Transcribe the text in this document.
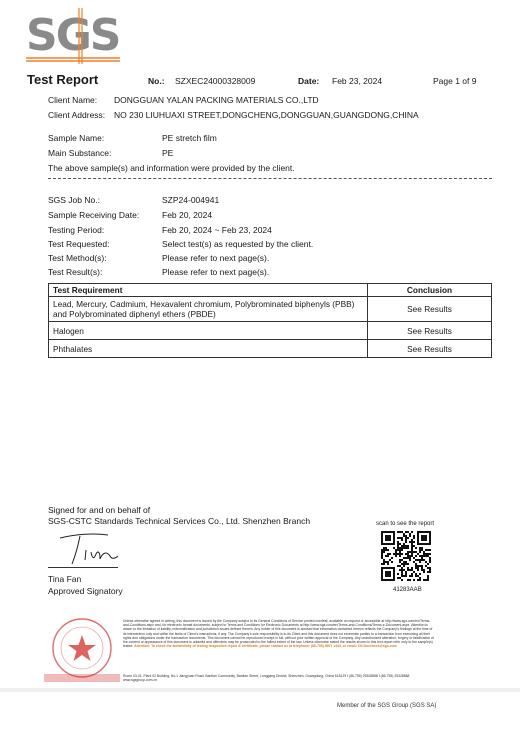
SGS
Test Report	No.: SZXEC24000328009	Date: Feb 23, 2024	Page 1 of 9
Client Name: DONGGUAN YALAN PACKING MATERIALS CO.,LTD
Client Address: NO 230 LIUHUAXI STREET,DONGCHENG,DONGGUAN,GUANGDONG,CHINA
Sample Name:	PE stretch film
Main Substance:	PE
The above sample(s) and information were provided by the client.
SGS Job No.:	SZP24-004941
Sample Receiving Date:	Feb 20, 2024
Testing Period:	Feb 20, 2024 ~ Feb 23, 2024
Test Requested:	Select test(s) as requested by the client.
Test Method(s):	Please refer to next page(s).
Test Result(s):	Please refer to next page(s).
Test Requirement	Conclusion
Lead, Mercury, Cadmium, Hexavalent chromium, Polybrominated biphenyls (PBB) and Polybrominated diphenyl ethers (PBDE)	See Results
Halogen	See Results
Phthalates	See Results
Signed for and on behalf of
SGS-CSTC Standards Technical Services Co., Ltd. Shenzhen Branch
Tina Fan
Approved Signatory
scan to see the report
41283AAB
Unless otherwise agreed in writing, this document is issued by the Company subject to its General Conditions of Service printed overleaf, available on request or accessible at http://www.sgs.com/en/Terms-and-Conditions.aspx and, for electronic format documents, subject to Terms and Conditions for Electronic Documents at http://www.sgs.com/en/Terms-and-Conditions/Terms-e-Document.aspx. Attention is drawn to the limitation of liability, indemnification and jurisdiction issues defined therein. Any holder of this document is advised that information contained hereon reflects the Company's findings at the time of its intervention only and within the limits of Client's instructions, if any. The Company's sole responsibility is to its Client and this document does not exonerate parties to a transaction from exercising all their rights and obligations under the transaction documents. This document cannot be reproduced except in full, without prior written approval of the Company. Any unauthorized alteration, forgery or falsification of the content or appearance of this document is unlawful and offenders may be prosecuted to the fullest extent of the law. Unless otherwise stated the results shown in this test report refer only to the sample(s) tested. Attention: To check the authenticity of testing /inspection report & certificate, please contact us at telephone: (86-755) 8307 1443, or email: CN.Doccheck@sgs.com
Room 03-01, Plant 02 Building, No.1 Jiangyuan Road, Bantian Community, Bantian Street, Longgang District, Shenzhen, Guangdong, China 518129 t (86-755) 25328888 f (86-755) 25328888 www.sgsgroup.com.cn
Member of the SGS Group (SGS SA)
